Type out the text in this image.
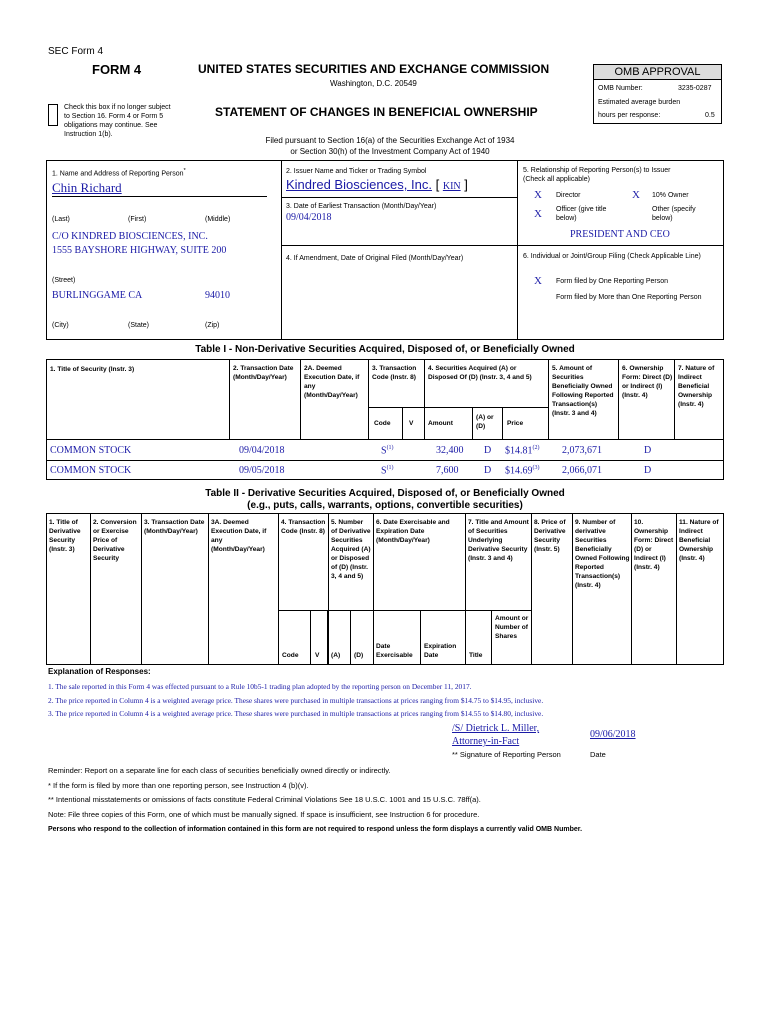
SEC Form 4
FORM 4	UNITED STATES SECURITIES AND EXCHANGE COMMISSION
Washington, D.C. 20549
STATEMENT OF CHANGES IN BENEFICIAL OWNERSHIP
Filed pursuant to Section 16(a) of the Securities Exchange Act of 1934
or Section 30(h) of the Investment Company Act of 1940
Check this box if no longer subject
to Section 16. Form 4 or Form 5
obligations may continue. See
Instruction 1(b).
OMB APPROVAL
OMB Number:	3235-0287
Estimated average burden
hours per response:	0.5
1. Name and Address of Reporting Person*
Chin Richard
(Last)	(First)	(Middle)
C/O KINDRED BIOSCIENCES, INC.
1555 BAYSHORE HIGHWAY, SUITE 200
(Street)
BURLINGGAME CA	94010
(City)	(State)	(Zip)
2. Issuer Name and Ticker or Trading Symbol
Kindred Biosciences, Inc. [ KIN ]
3. Date of Earliest Transaction (Month/Day/Year)
09/04/2018
4. If Amendment, Date of Original Filed (Month/Day/Year)
5. Relationship of Reporting Person(s) to Issuer
(Check all applicable)
X Director	X 10% Owner
X Officer (give title below)
Other (specify below)
PRESIDENT AND CEO
6. Individual or Joint/Group Filing (Check Applicable Line)
X Form filed by One Reporting Person
Form filed by More than One Reporting Person
Table I - Non-Derivative Securities Acquired, Disposed of, or Beneficially Owned
1. Title of Security (Instr. 3)	2. Transaction Date (Month/Day/Year)
2A. Deemed Execution Date, if any (Month/Day/Year)
3. Transaction Code (Instr. 8)
4. Securities Acquired (A) or Disposed Of (D) (Instr. 3, 4 and 5)
5. Amount of Securities Beneficially Owned Following Reported Transaction(s) (Instr. 3 and 4)
6. Ownership Form: Direct (D) or Indirect (I) (Instr. 4)
7. Nature of Indirect Beneficial Ownership (Instr. 4)
Code	V Amount
(A) or (D)	Price
COMMON STOCK	09/04/2018	$S^{(1)}$	32,400 D $14.81$^{(2)}$ 2,073,671	D
COMMON STOCK	09/05/2018	$S^{(1)}$	7,600	D $14.69$^{(3)}$ 2,066,071	D
Table II - Derivative Securities Acquired, Disposed of, or Beneficially Owned
(e.g., puts, calls, warrants, options, convertible securities)
1. Title of Derivative Security (Instr. 3)
2. Conversion or Exercise Price of Derivative Security
3. Transaction Date (Month/Day/Year)
3A. Deemed Execution Date, if any (Month/Day/Year)
4. Transaction Code (Instr. 8)
5. Number of Derivative Securities Acquired (A) or Disposed of (D) (Instr. 3, 4 and 5)
6. Date Exercisable and Expiration Date (Month/Day/Year)
7. Title and Amount of Securities Underlying Derivative Security (Instr. 3 and 4)
8. Price of Derivative Security (Instr. 5)
9. Number of derivative Securities Beneficially Owned Following Reported Transaction(s) (Instr. 4)
10. Ownership Form: Direct (D) or Indirect (I) (Instr. 4)
11. Nature of Indirect Beneficial Ownership (Instr. 4)
Code	V (A) (D)
Date Exercisable
Expiration Date	Title
Amount or Number of Shares
Explanation of Responses:
1. The sale reported in this Form 4 was effected pursuant to a Rule 10b5-1 trading plan adopted by the reporting person on December 11, 2017.
2. The price reported in Column 4 is a weighted average price. These shares were purchased in multiple transactions at prices ranging from $14.75 to $14.95, inclusive.
3. The price reported in Column 4 is a weighted average price. These shares were purchased in multiple transactions at prices ranging from $14.55 to $14.80, inclusive.
/S/ Dietrick L. Miller,
Attorney-in-Fact
09/06/2018
** Signature of Reporting Person	Date
Reminder: Report on a separate line for each class of securities beneficially owned directly or indirectly.
* If the form is filed by more than one reporting person, see Instruction 4 (b)(v).
** Intentional misstatements or omissions of facts constitute Federal Criminal Violations See 18 U.S.C. 1001 and 15 U.S.C. 78ff(a).
Note: File three copies of this Form, one of which must be manually signed. If space is insufficient, see Instruction 6 for procedure.
Persons who respond to the collection of information contained in this form are not required to respond unless the form displays a currently valid OMB Number.
